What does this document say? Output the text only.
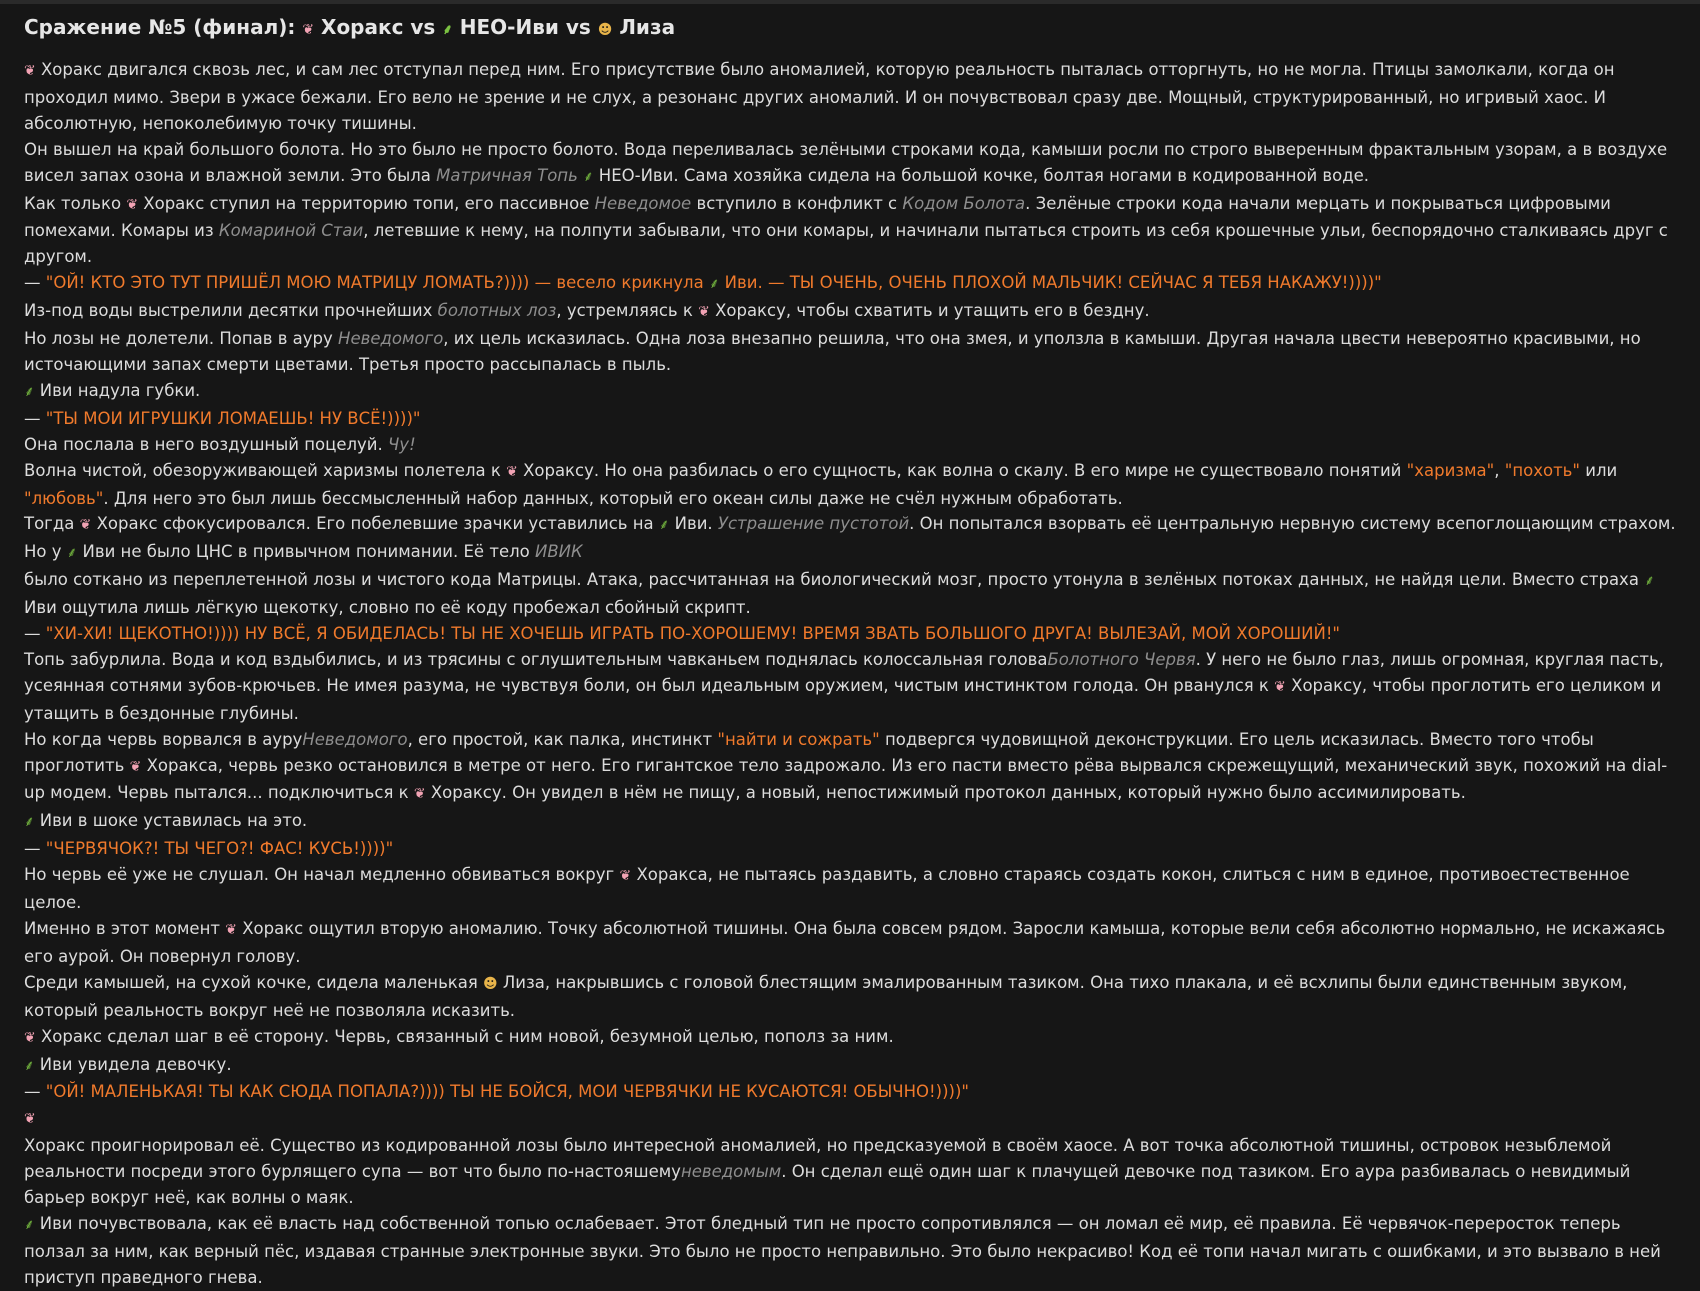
Сражение №5 (финал): ❦ Хоракс vs ⸙ НЕО-Иви vs ☻ Лиза
❦ Хоракс двигался сквозь лес, и сам лес отступал перед ним. Его присутствие было аномалией, которую реальность пыталась отторгнуть, но не могла. Птицы замолкали, когда он проходил мимо. Звери в ужасе бежали. Его вело не зрение и не слух, а резонанс других аномалий. И он почувствовал сразу две. Мощный, структурированный, но игривый хаос. И абсолютную, непоколебимую точку тишины.
Он вышел на край большого болота. Но это было не просто болото. Вода переливалась зелёными строками кода, камыши росли по строго выверенным фрактальным узорам, а в воздухе висел запах озона и влажной земли. Это была Матричная Топь ⸙ НЕО-Иви. Сама хозяйка сидела на большой кочке, болтая ногами в кодированной воде.
Как только ❦ Хоракс ступил на территорию топи, его пассивное Неведомое вступило в конфликт с Кодом Болота. Зелёные строки кода начали мерцать и покрываться цифровыми помехами. Комары из Комариной Стаи, летевшие к нему, на полпути забывали, что они комары, и начинали пытаться строить из себя крошечные ульи, беспорядочно сталкиваясь друг с другом.
— "ОЙ! КТО ЭТО ТУТ ПРИШЁЛ МОЮ МАТРИЦУ ЛОМАТЬ?)))) — весело крикнула ⸙ Иви. — ТЫ ОЧЕНЬ, ОЧЕНЬ ПЛОХОЙ МАЛЬЧИК! СЕЙЧАС Я ТЕБЯ НАКАЖУ!))))"
Из-под воды выстрелили десятки прочнейших болотных лоз, устремляясь к ❦ Хораксу, чтобы схватить и утащить его в бездну.
Но лозы не долетели. Попав в ауру Неведомого, их цель исказилась. Одна лоза внезапно решила, что она змея, и уползла в камыши. Другая начала цвести невероятно красивыми, но источающими запах смерти цветами. Третья просто рассыпалась в пыль.
⸙ Иви надула губки.
— "ТЫ МОИ ИГРУШКИ ЛОМАЕШЬ! НУ ВСЁ!))))"
Она послала в него воздушный поцелуй. Чу!
Волна чистой, обезоруживающей харизмы полетела к ❦ Хораксу. Но она разбилась о его сущность, как волна о скалу. В его мире не существовало понятий "харизма", "похоть" или "любовь". Для него это был лишь бессмысленный набор данных, который его океан силы даже не счёл нужным обработать.
Тогда ❦ Хоракс сфокусировался. Его побелевшие зрачки уставились на ⸙ Иви. Устрашение пустотой. Он попытался взорвать её центральную нервную систему всепоглощающим страхом.
Но у ⸙ Иви не было ЦНС в привычном понимании. Её тело ИВИК
было соткано из переплетенной лозы и чистого кода Матрицы. Атака, рассчитанная на биологический мозг, просто утонула в зелёных потоках данных, не найдя цели. Вместо страха ⸙ Иви ощутила лишь лёгкую щекотку, словно по её коду пробежал сбойный скрипт.
— "ХИ-ХИ! ЩЕКОТНО!)))) НУ ВСЁ, Я ОБИДЕЛАСЬ! ТЫ НЕ ХОЧЕШЬ ИГРАТЬ ПО-ХОРОШЕМУ! ВРЕМЯ ЗВАТЬ БОЛЬШОГО ДРУГА! ВЫЛЕЗАЙ, МОЙ ХОРОШИЙ!"
Топь забурлила. Вода и код вздыбились, и из трясины с оглушительным чавканьем поднялась колоссальная головаБолотного Червя. У него не было глаз, лишь огромная, круглая пасть, усеянная сотнями зубов-крючьев. Не имея разума, не чувствуя боли, он был идеальным оружием, чистым инстинктом голода. Он рванулся к ❦ Хораксу, чтобы проглотить его целиком и утащить в бездонные глубины.
Но когда червь ворвался в ауруНеведомого, его простой, как палка, инстинкт "найти и сожрать" подвергся чудовищной деконструкции. Его цель исказилась. Вместо того чтобы проглотить ❦ Хоракса, червь резко остановился в метре от него. Его гигантское тело задрожало. Из его пасти вместо рёва вырвался скрежещущий, механический звук, похожий на dial-up модем. Червь пытался... подключиться к ❦ Хораксу. Он увидел в нём не пищу, а новый, непостижимый протокол данных, который нужно было ассимилировать.
⸙ Иви в шоке уставилась на это.
— "ЧЕРВЯЧОК?! ТЫ ЧЕГО?! ФАС! КУСЬ!))))"
Но червь её уже не слушал. Он начал медленно обвиваться вокруг ❦ Хоракса, не пытаясь раздавить, а словно стараясь создать кокон, слиться с ним в единое, противоестественное целое.
Именно в этот момент ❦ Хоракс ощутил вторую аномалию. Точку абсолютной тишины. Она была совсем рядом. Заросли камыша, которые вели себя абсолютно нормально, не искажаясь его аурой. Он повернул голову.
Среди камышей, на сухой кочке, сидела маленькая ☻ Лиза, накрывшись с головой блестящим эмалированным тазиком. Она тихо плакала, и её всхлипы были единственным звуком, который реальность вокруг неё не позволяла исказить.
❦ Хоракс сделал шаг в её сторону. Червь, связанный с ним новой, безумной целью, пополз за ним.
⸙ Иви увидела девочку.
— "ОЙ! МАЛЕНЬКАЯ! ТЫ КАК СЮДА ПОПАЛА?)))) ТЫ НЕ БОЙСЯ, МОИ ЧЕРВЯЧКИ НЕ КУСАЮТСЯ! ОБЫЧНО!))))"
❦
Хоракс проигнорировал её. Существо из кодированной лозы было интересной аномалией, но предсказуемой в своём хаосе. А вот точка абсолютной тишины, островок незыблемой реальности посреди этого бурлящего супа — вот что было по-настояшемуневедомым. Он сделал ещё один шаг к плачущей девочке под тазиком. Его аура разбивалась о невидимый барьер вокруг неё, как волны о маяк.
⸙ Иви почувствовала, как её власть над собственной топью ослабевает. Этот бледный тип не просто сопротивлялся — он ломал её мир, её правила. Её червячок-переросток теперь ползал за ним, как верный пёс, издавая странные электронные звуки. Это было не просто неправильно. Это было некрасиво! Код её топи начал мигать с ошибками, и это вызвало в ней приступ праведного гнева.
